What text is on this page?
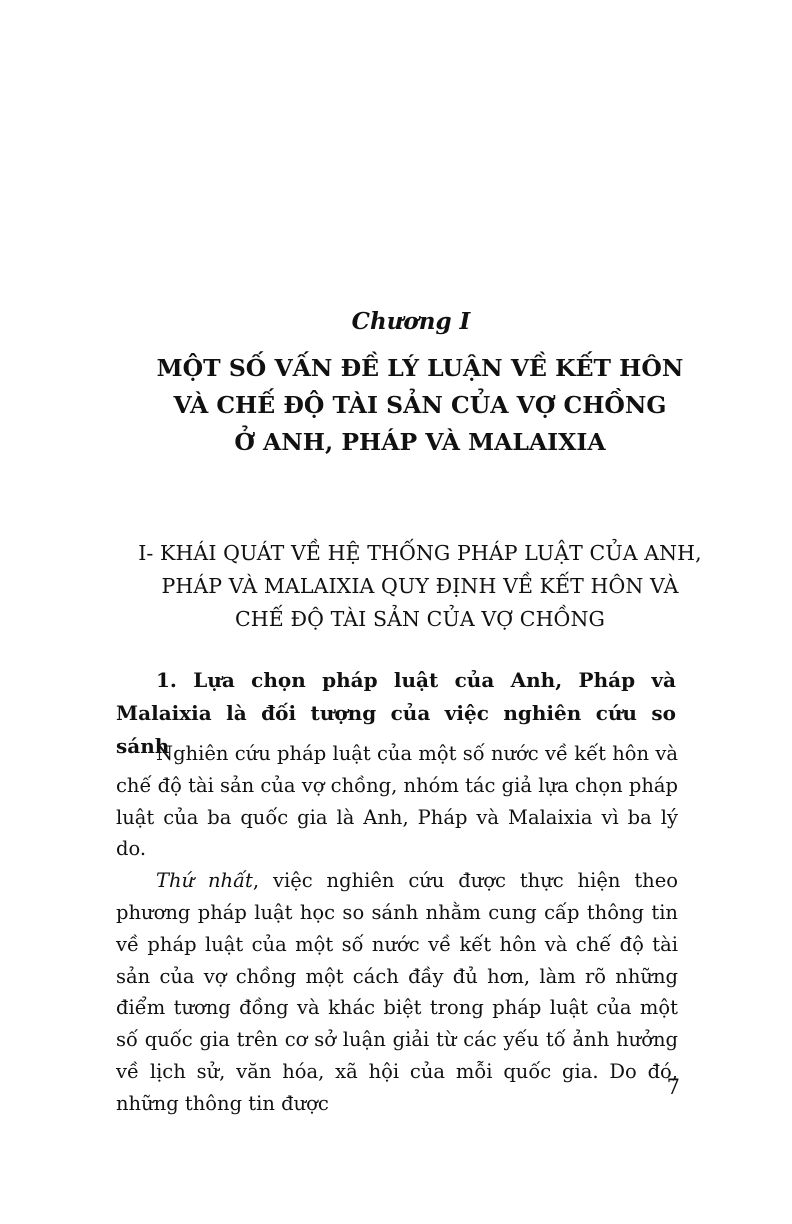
Chương I
MỘT SỐ VẤN ĐỀ LÝ LUẬN VỀ KẾT HÔN
VÀ CHẾ ĐỘ TÀI SẢN CỦA VỢ CHỒNG
Ở ANH, PHÁP VÀ MALAIXIA
I- KHÁI QUÁT VỀ HỆ THỐNG PHÁP LUẬT CỦA ANH,
PHÁP VÀ MALAIXIA QUY ĐỊNH VỀ KẾT HÔN VÀ
CHẾ ĐỘ TÀI SẢN CỦA VỢ CHỒNG
1. Lựa chọn pháp luật của Anh, Pháp và Malaixia là đối tượng của việc nghiên cứu so sánh

Nghiên cứu pháp luật của một số nước về kết hôn và chế độ tài sản của vợ chồng, nhóm tác giả lựa chọn pháp luật của ba quốc gia là Anh, Pháp và Malaixia vì ba lý do.

Thứ nhất, việc nghiên cứu được thực hiện theo phương pháp luật học so sánh nhằm cung cấp thông tin về pháp luật của một số nước về kết hôn và chế độ tài sản của vợ chồng một cách đầy đủ hơn, làm rõ những điểm tương đồng và khác biệt trong pháp luật của một số quốc gia trên cơ sở luận giải từ các yếu tố ảnh hưởng về lịch sử, văn hóa, xã hội của mỗi quốc gia. Do đó, những thông tin được

7
